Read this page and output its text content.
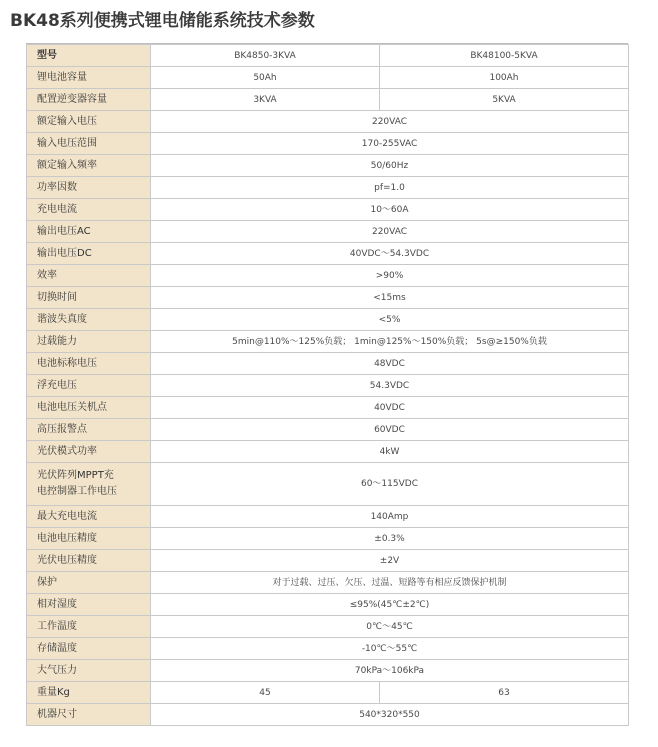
BK48系列便携式锂电储能系统技术参数
型号	BK4850-3KVA	BK48100-5KVA
锂电池容量	50Ah	100Ah
配置逆变器容量	3KVA	5KVA
额定输入电压	220VAC	
输入电压范围	170-255VAC	
额定输入频率	50/60Hz	
功率因数	pf=1.0	
充电电流	10～60A	
输出电压AC	220VAC	
输出电压DC	40VDC～54.3VDC	
效率	>90%	
切换时间	<15ms	
谐波失真度	<5%	
过载能力	5min@110%～125%负载； 1min@125%～150%负载； 5s@≥150%负载	
电池标称电压	48VDC	
浮充电压	54.3VDC	
电池电压关机点	40VDC	
高压报警点	60VDC	
光伏模式功率	4kW	
光伏阵列MPPT充
电控制器工作电压	60～115VDC	
最大充电电流	140Amp	
电池电压精度	±0.3%	
光伏电压精度	±2V	
保护	对于过载、过压、欠压、过温、短路等有相应反馈保护机制	
相对湿度	≤95%(45℃±2℃)	
工作温度	0℃～45℃	
存储温度	-10℃～55℃	
大气压力	70kPa～106kPa	
重量Kg	45	63
机器尺寸	540*320*550	
